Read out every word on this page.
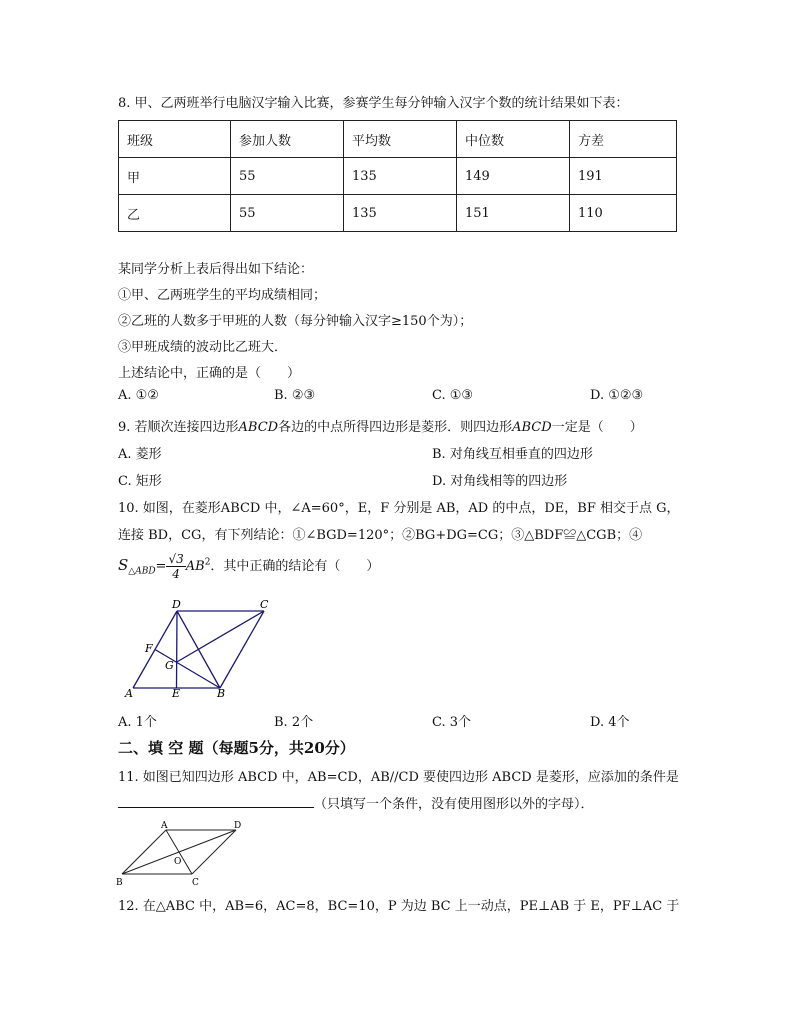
8. 甲、乙两班举行电脑汉字输入比赛，参赛学生每分钟输入汉字个数的统计结果如下表：
班级	参加人数	平均数	中位数	方差
甲	55	135	149	191
乙	55	135	151	110
某同学分析上表后得出如下结论：
①甲、乙两班学生的平均成绩相同；
②乙班的人数多于甲班的人数（每分钟输入汉字≥150个为）；
③甲班成绩的波动比乙班大．
上述结论中，正确的是（　　）
A. ①②	B. ②③	C. ①③	D. ①②③
9. 若顺次连接四边形ABCD各边的中点所得四边形是菱形．则四边形ABCD一定是（　　）
A. 菱形	B. 对角线互相垂直的四边形
C. 矩形	D. 对角线相等的四边形
10. 如图，在菱形ABCD 中，∠A=60°，E，F 分别是 AB，AD 的中点，DE，BF 相交于点 G，
连接 BD，CG，有下列结论：①∠BGD=120°；②BG+DG=CG；③△BDF≌△CGB；④
$S_{\triangle ABD}= \frac{√3}{4} AB^2$．其中正确的结论有（　　）
D	C
F
G
A	E	B
A. 1个	B. 2个	C. 3个	D. 4个
二、填 空 题（每题5分，共20分）
11. 如图已知四边形 ABCD 中，AB=CD，AB//CD 要使四边形 ABCD 是菱形，应添加的条件是
（只填写一个条件，没有使用图形以外的字母）．
A	D
O
B	C
12. 在△ABC 中，AB=6，AC=8，BC=10，P 为边 BC 上一动点，PE⊥AB 于 E，PF⊥AC 于
